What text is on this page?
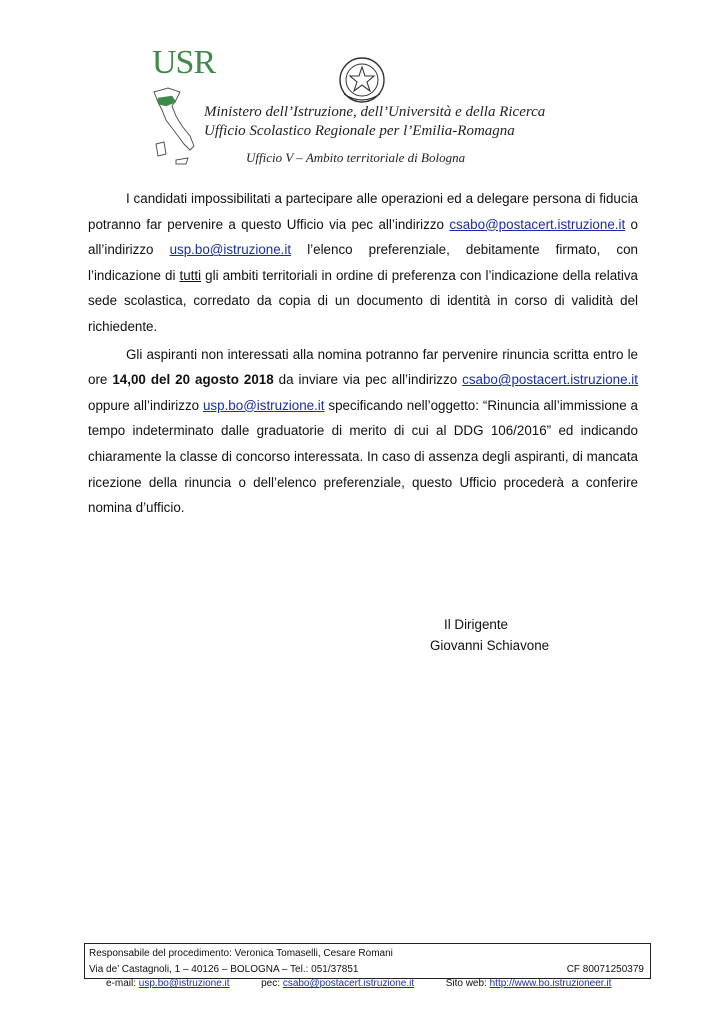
USR
Ministero dell’Istruzione, dell’Università e della Ricerca
Ufficio Scolastico Regionale per l’Emilia-Romagna
Ufficio V – Ambito territoriale di Bologna

I candidati impossibilitati a partecipare alle operazioni ed a delegare persona di fiducia potranno far pervenire a questo Ufficio via pec all’indirizzo csabo@postacert.istruzione.it o all’indirizzo usp.bo@istruzione.it l’elenco preferenziale, debitamente firmato, con l’indicazione di tutti gli ambiti territoriali in ordine di preferenza con l’indicazione della relativa sede scolastica, corredato da copia di un documento di identità in corso di validità del richiedente.

Gli aspiranti non interessati alla nomina potranno far pervenire rinuncia scritta entro le ore 14,00 del 20 agosto 2018 da inviare via pec all’indirizzo csabo@postacert.istruzione.it oppure all’indirizzo usp.bo@istruzione.it specificando nell’oggetto: “Rinuncia all’immissione a tempo indeterminato dalle graduatorie di merito di cui al DDG 106/2016” ed indicando chiaramente la classe di concorso interessata. In caso di assenza degli aspiranti, di mancata ricezione della rinuncia o dell’elenco preferenziale, questo Ufficio procederà a conferire nomina d’ufficio.

Il Dirigente
Giovanni Schiavone
Responsabile del procedimento: Veronica Tomaselli, Cesare Romani
Via de’ Castagnoli, 1 – 40126 – BOLOGNA – Tel.: 051/37851	CF 80071250379
e-mail: usp.bo@istruzione.it	pec: csabo@postacert.istruzione.it	Sito web: http://www.bo.istruzioneer.it
